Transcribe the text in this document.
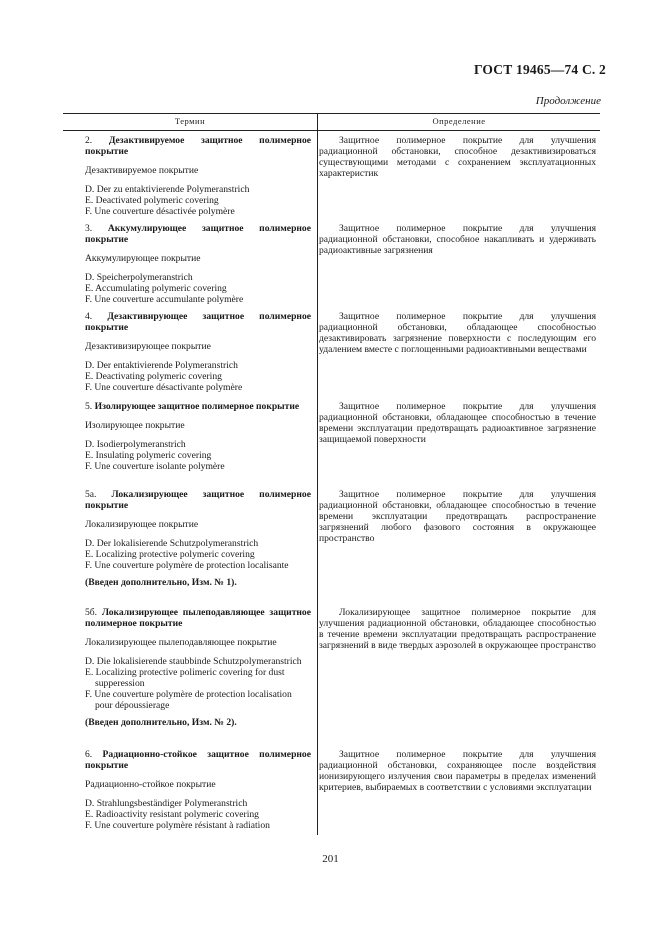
ГОСТ 19465—74 С. 2
Продолжение
Термин	Определение
2. Дезактивируемое защитное полимерное покрытие
Дезактивируемое покрытие
D. Der zu entaktivierende Polymeranstrich
E. Deactivated polymeric covering
F. Une couverture désactivée polymère
Защитное полимерное покрытие для улучшения радиационной обстановки, способное дезактивизироваться существующими методами с сохранением эксплуатационных характеристик
3. Аккумулирующее защитное полимерное покрытие
Аккумулирующее покрытие
D. Speicherpolymeranstrich
E. Accumulating polymeric covering
F. Une couverture accumulante polymère
Защитное полимерное покрытие для улучшения радиационной обстановки, способное накапливать и удерживать радиоактивные загрязнения
4. Дезактивирующее защитное полимерное покрытие
Дезактивизирующее покрытие
D. Der entaktivierende Polymeranstrich
E. Deactivating polymeric covering
F. Une couverture désactivante polymère
Защитное полимерное покрытие для улучшения радиационной обстановки, обладающее способностью дезактивировать загрязнение поверхности с последующим его удалением вместе с поглощенными радиоактивными веществами
5. Изолирующее защитное полимерное покрытие
Изолирующее покрытие
D. Isodierpolymeranstrich
E. Insulating polymeric covering
F. Une couverture isolante polymère
Защитное полимерное покрытие для улучшения радиационной обстановки, обладающее способностью в течение времени эксплуатации предотвращать радиоактивное загрязнение защищаемой поверхности
5а. Локализирующее защитное полимерное покрытие
Локализирующее покрытие
D. Der lokalisierende Schutzpolymeranstrich
E. Localizing protective polymeric covering
F. Une couverture polymère de protection localisante
(Введен дополнительно, Изм. № 1).
Защитное полимерное покрытие для улучшения радиационной обстановки, обладающее способностью в течение времени эксплуатации предотвращать распространение загрязнений любого фазового состояния в окружающее пространство
5б. Локализирующее пылеподавляющее защитное полимерное покрытие
Локализирующее пылеподавляющее покрытие
D. Die lokalisierende staubbinde Schutzpolymeranstrich
E. Localizing protective polimeric covering for dust supperession
F. Une couverture polymère de protection localisation pour dépoussierage
(Введен дополнительно, Изм. № 2).
Локализирующее защитное полимерное покрытие для улучшения радиационной обстановки, обладающее способностью в течение времени эксплуатации предотвращать распространение загрязнений в виде твердых аэрозолей в окружающее пространство
6. Радиационно-стойкое защитное полимерное покрытие
Радиационно-стойкое покрытие
D. Strahlungsbeständiger Polymeranstrich
E. Radioactivity resistant polymeric covering
F. Une couverture polymère résistant à radiation
Защитное полимерное покрытие для улучшения радиационной обстановки, сохраняющее после воздействия ионизирующего излучения свои параметры в пределах изменений критериев, выбираемых в соответствии с условиями эксплуатации
201
